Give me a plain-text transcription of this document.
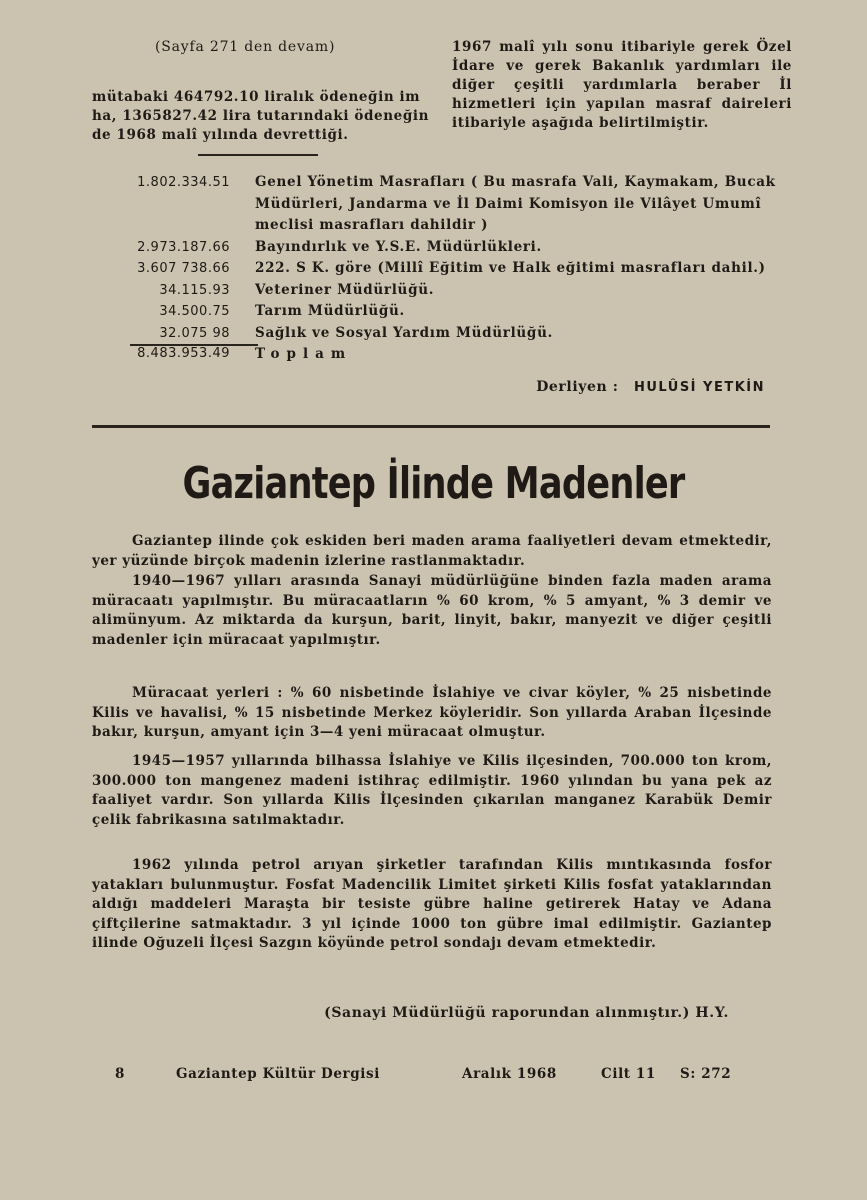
(Sayfa 271 den devam)
mütabaki 464792.10 liralık ödeneğin im ha, 1365827.42 lira tutarındaki ödeneğin de 1968 malî yılında devrettiği.

1967 malî yılı sonu itibariyle gerek Özel İdare ve gerek Bakanlık yardımları ile diğer çeşitli yardımlarla beraber İl hizmetleri için yapılan masraf daireleri itibariyle aşağıda belirtilmiştir.

1.802.334.51	Genel Yönetim Masrafları ( Bu masrafa Vali, Kaymakam, Bucak Müdürleri, Jandarma ve İl Daimi Komisyon ile Vilâyet Umumî meclisi masrafları dahildir )
2.973.187.66	Bayındırlık ve Y.S.E. Müdürlükleri.
3.607 738.66	222. S K. göre (Millî Eğitim ve Halk eğitimi masrafları dahil.)
34.115.93	Veteriner Müdürlüğü.
34.500.75	Tarım Müdürlüğü.
32.075 98	Sağlık ve Sosyal Yardım Müdürlüğü.
8.483.953.49	Toplam
Derliyen : HULÛSİ YETKİN
Gaziantep İlinde Madenler
Gaziantep ilinde çok eskiden beri maden arama faaliyetleri devam etmektedir, yer yüzünde birçok madenin izlerine rastlanmaktadır.
1940—1967 yılları arasında Sanayi müdürlüğüne binden fazla maden arama müracaatı yapılmıştır. Bu müracaatların % 60 krom, % 5 amyant, % 3 demir ve alimünyum. Az miktarda da kurşun, barit, linyit, bakır, manyezit ve diğer çeşitli madenler için müracaat yapılmıştır.
Müracaat yerleri : % 60 nisbetinde İslahiye ve civar köyler, % 25 nisbetinde Kilis ve havalisi, % 15 nisbetinde Merkez köyleridir. Son yıllarda Araban İlçesinde bakır, kurşun, amyant için 3—4 yeni müracaat olmuştur.
1945—1957 yıllarında bilhassa İslahiye ve Kilis ilçesinden, 700.000 ton krom, 300.000 ton mangenez madeni istihraç edilmiştir. 1960 yılından bu yana pek az faaliyet vardır. Son yıllarda Kilis İlçesinden çıkarılan manganez Karabük Demir çelik fabrikasına satılmaktadır.
1962 yılında petrol arıyan şirketler tarafından Kilis mıntıkasında fosfor yatakları bulunmuştur. Fosfat Madencilik Limitet şirketi Kilis fosfat yataklarından aldığı maddeleri Maraşta bir tesiste gübre haline getirerek Hatay ve Adana çiftçilerine satmaktadır. 3 yıl içinde 1000 ton gübre imal edilmiştir. Gaziantep ilinde Oğuzeli İlçesi Sazgın köyünde petrol sondajı devam etmektedir.
(Sanayi Müdürlüğü raporundan alınmıştır.) H.Y.
8	Gaziantep Kültür Dergisi	Aralık 1968	Cilt 11 S: 272
